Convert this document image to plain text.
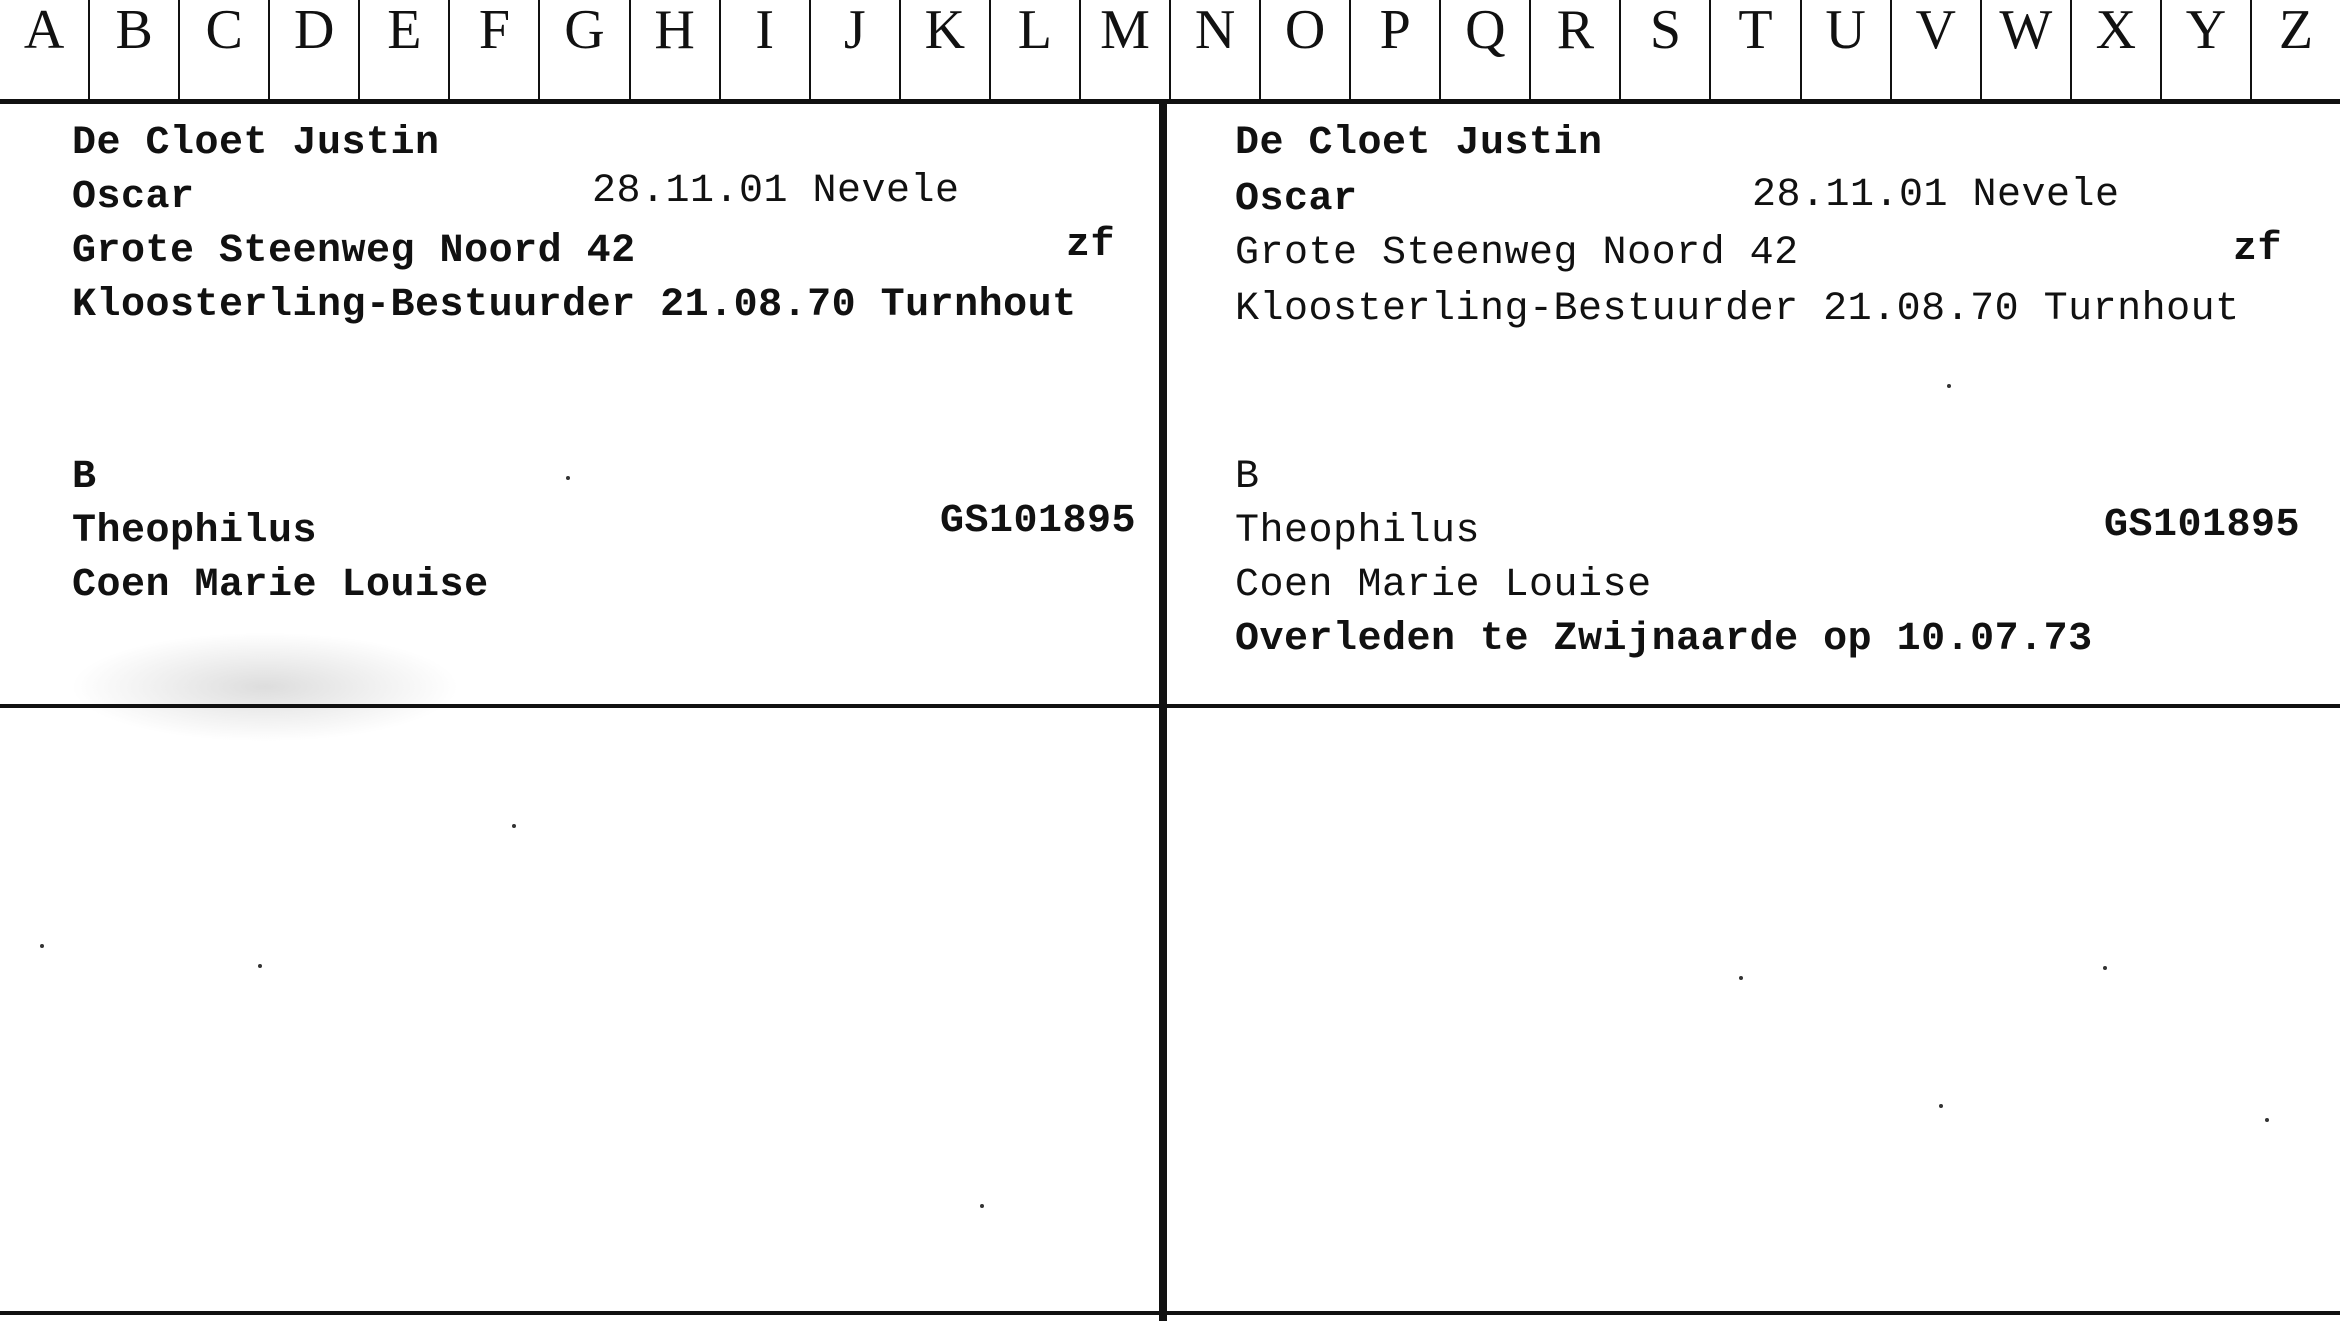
A B C D E	F G H	I	J	K L M N O P Q R S	T U V W X Y Z
De Cloet Justin
Oscar	28.11.01 Nevele
Grote Steenweg Noord 42	zf
Kloosterling-Bestuurder 21.08.70 Turnhout
B
Theophilus	GS101895
Coen Marie Louise
De Cloet Justin
Oscar	28.11.01 Nevele
Grote Steenweg Noord 42	zf
Kloosterling-Bestuurder 21.08.70 Turnhout
B
Theophilus	GS101895
Coen Marie Louise
Overleden te Zwijnaarde op 10.07.73
